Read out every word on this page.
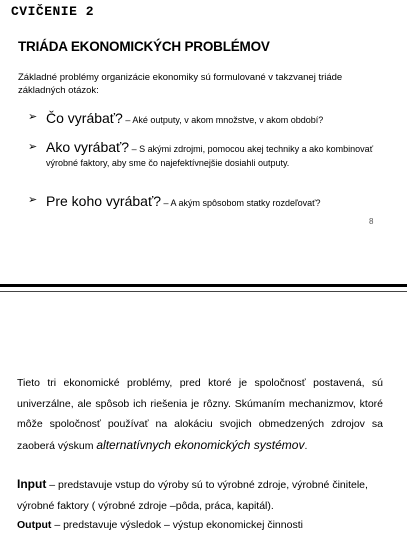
CVIČENIE 2
TRIÁDA EKONOMICKÝCH PROBLÉMOV
Základné problémy organizácie ekonomiky sú formulované v takzvanej triáde základných otázok:
➢ Čo vyrábať? – Aké outputy, v akom množstve, v akom období?
➢ Ako vyrábať? – S akými zdrojmi, pomocou akej techniky a ako kombinovať výrobné faktory, aby sme čo najefektívnejšie dosiahli outputy.
➢ Pre koho vyrábať? – A akým spôsobom statky rozdeľovať?
8
Tieto tri ekonomické problémy, pred ktoré je spoločnosť postavená, sú univerzálne, ale spôsob ich riešenia je rôzny. Skúmaním mechanizmov, ktoré môže spoločnosť používať na alokáciu svojich obmedzených zdrojov sa zaoberá výskum alternatívnych ekonomických systémov.
Input – predstavuje vstup do výroby sú to výrobné zdroje, výrobné činitele, výrobné faktory ( výrobné zdroje –pôda, práca, kapitál).
Output – predstavuje výsledok – výstup ekonomickej činnosti
